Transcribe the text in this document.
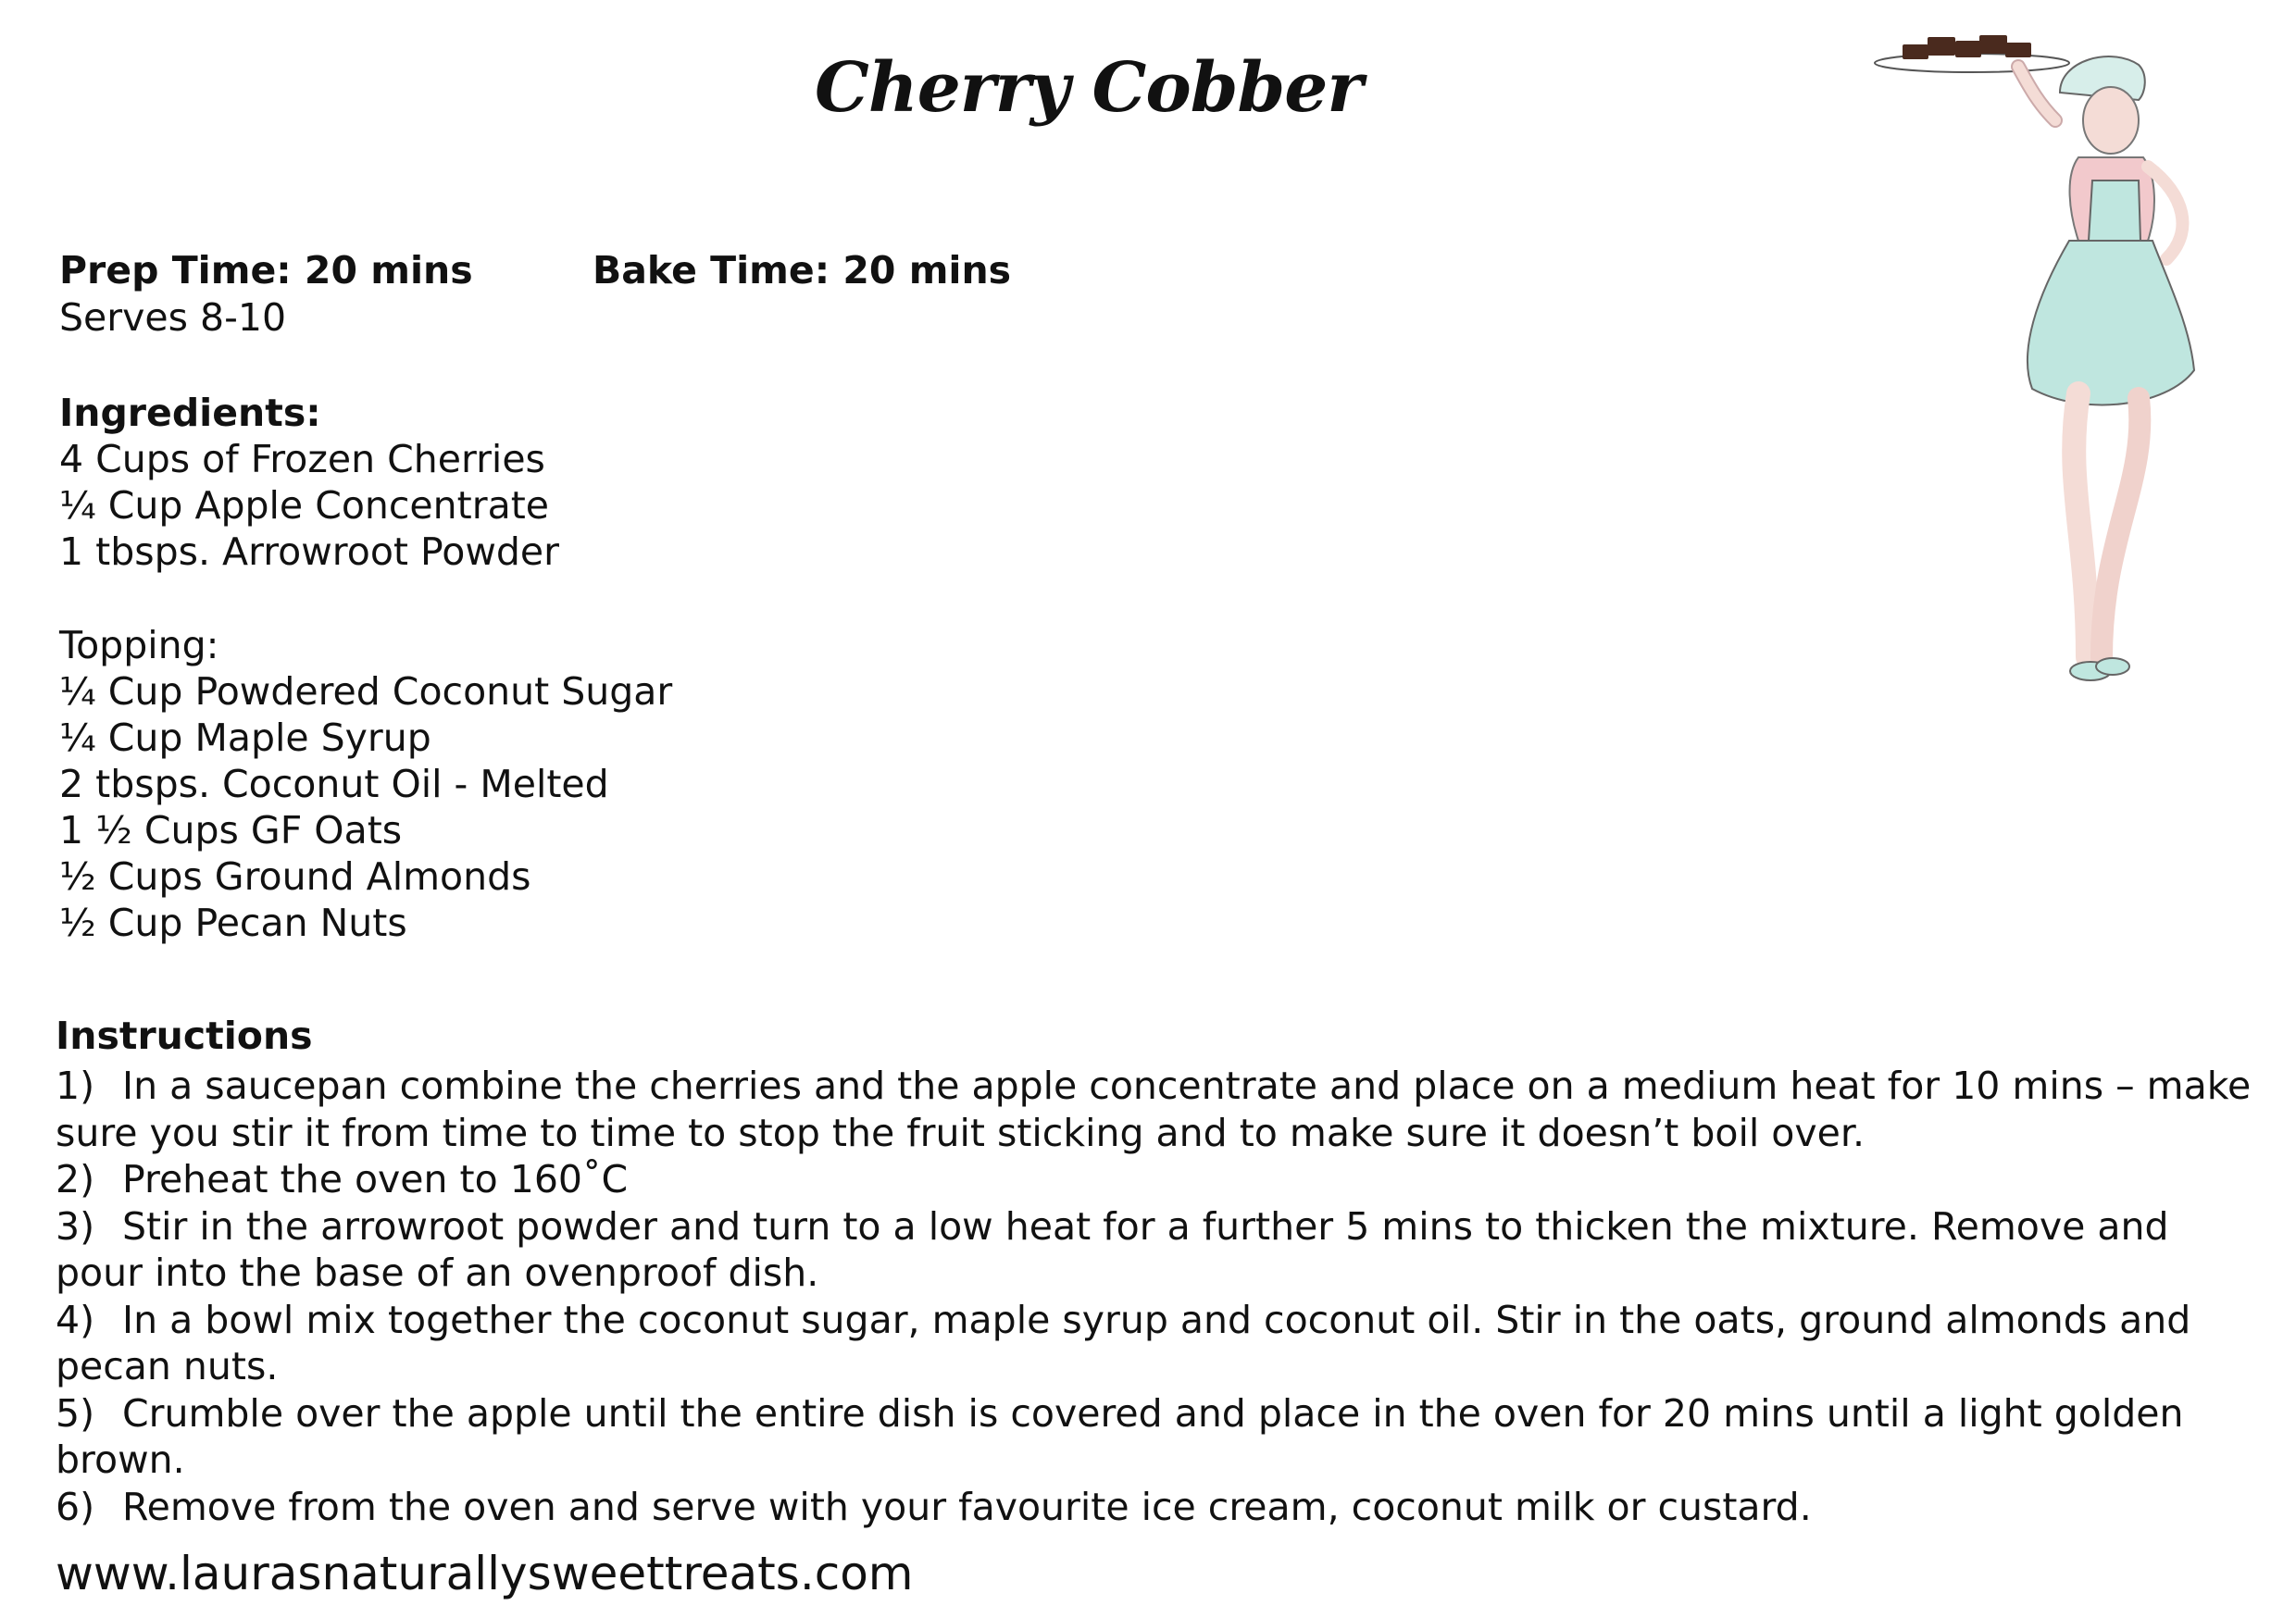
Cherry Cobber
Prep Time: 20 mins	Bake Time: 20 mins
Serves 8-10
Ingredients:
4 Cups of Frozen Cherries
¼ Cup Apple Concentrate
1 tbsps. Arrowroot Powder
Topping:
¼ Cup Powdered Coconut Sugar
¼ Cup Maple Syrup
2 tbsps. Coconut Oil - Melted
1 ½ Cups GF Oats
½ Cups Ground Almonds
½ Cup Pecan Nuts
Instructions

1) In a saucepan combine the cherries and the apple concentrate and place on a medium heat for 10 mins – make sure you stir it from time to time to stop the fruit sticking and to make sure it doesn’t boil over.

2) Preheat the oven to 160˚C

3) Stir in the arrowroot powder and turn to a low heat for a further 5 mins to thicken the mixture. Remove and pour into the base of an ovenproof dish.

4) In a bowl mix together the coconut sugar, maple syrup and coconut oil. Stir in the oats, ground almonds and pecan nuts.

5) Crumble over the apple until the entire dish is covered and place in the oven for 20 mins until a light golden brown.

6) Remove from the oven and serve with your favourite ice cream, coconut milk or custard.

www.laurasnaturallysweettreats.com
